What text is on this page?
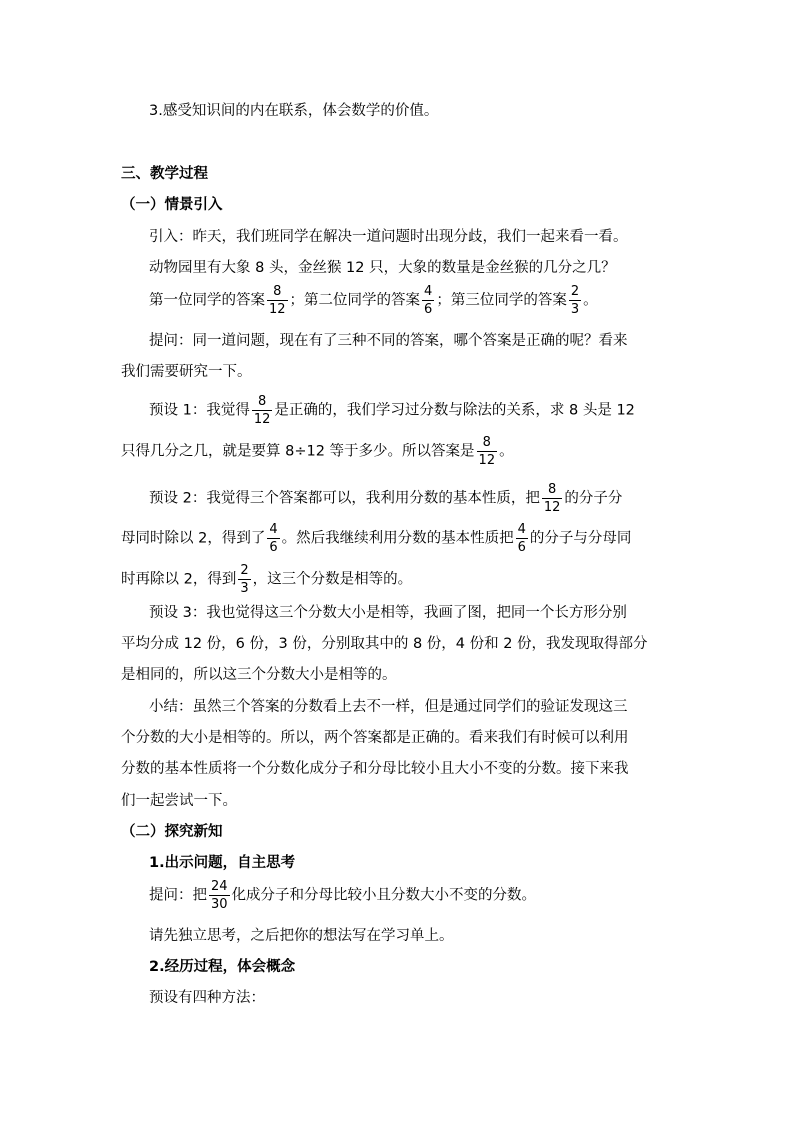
3.感受知识间的内在联系，体会数学的价值。
三、教学过程
（一）情景引入
引入：昨天，我们班同学在解决一道问题时出现分歧，我们一起来看一看。
动物园里有大象 8 头，金丝猴 12 只，大象的数量是金丝猴的几分之几？
第一位同学的答案 $\frac{8}{12}$ ；第二位同学的答案 $\frac{4}{6}$ ；第三位同学的答案 $\frac{2}{3}$ 。
提问：同一道问题，现在有了三种不同的答案，哪个答案是正确的呢？看来
我们需要研究一下。
预设 1：我觉得 $\frac{8}{12}$ 是正确的，我们学习过分数与除法的关系，求 8 头是 12
只得几分之几，就是要算 8÷12 等于多少。所以答案是 $\frac{8}{12}$ 。
预设 2：我觉得三个答案都可以，我利用分数的基本性质，把 $\frac{8}{12}$ 的分子分
母同时除以 2，得到了 $\frac{4}{6}$ 。然后我继续利用分数的基本性质把 $\frac{4}{6}$ 的分子与分母同
时再除以 2，得到 $\frac{2}{3}$ ，这三个分数是相等的。
预设 3：我也觉得这三个分数大小是相等，我画了图，把同一个长方形分别
平均分成 12 份，6 份，3 份，分别取其中的 8 份，4 份和 2 份，我发现取得部分
是相同的，所以这三个分数大小是相等的。
小结：虽然三个答案的分数看上去不一样，但是通过同学们的验证发现这三
个分数的大小是相等的。所以，两个答案都是正确的。看来我们有时候可以利用
分数的基本性质将一个分数化成分子和分母比较小且大小不变的分数。接下来我
们一起尝试一下。
（二）探究新知
1.出示问题，自主思考
提问：把 $\frac{24}{30}$ 化成分子和分母比较小且分数大小不变的分数。
请先独立思考，之后把你的想法写在学习单上。
2.经历过程，体会概念
预设有四种方法：
